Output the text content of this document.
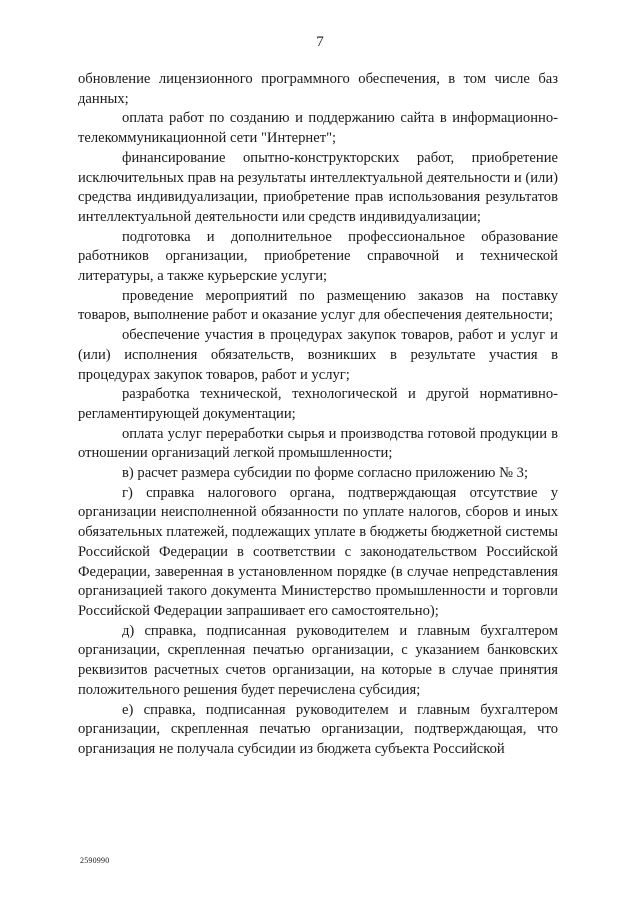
7

обновление лицензионного программного обеспечения, в том числе баз данных;

оплата работ по созданию и поддержанию сайта в информационно-телекоммуникационной сети "Интернет";

финансирование опытно-конструкторских работ, приобретение исключительных прав на результаты интеллектуальной деятельности и (или) средства индивидуализации, приобретение прав использования результатов интеллектуальной деятельности или средств индивидуализации;

подготовка и дополнительное профессиональное образование работников организации, приобретение справочной и технической литературы, а также курьерские услуги;

проведение мероприятий по размещению заказов на поставку товаров, выполнение работ и оказание услуг для обеспечения деятельности;

обеспечение участия в процедурах закупок товаров, работ и услуг и (или) исполнения обязательств, возникших в результате участия в процедурах закупок товаров, работ и услуг;

разработка технической, технологической и другой нормативно-регламентирующей документации;

оплата услуг переработки сырья и производства готовой продукции в отношении организаций легкой промышленности;

в) расчет размера субсидии по форме согласно приложению № 3;

г) справка налогового органа, подтверждающая отсутствие у организации неисполненной обязанности по уплате налогов, сборов и иных обязательных платежей, подлежащих уплате в бюджеты бюджетной системы Российской Федерации в соответствии с законодательством Российской Федерации, заверенная в установленном порядке (в случае непредставления организацией такого документа Министерство промышленности и торговли Российской Федерации запрашивает его самостоятельно);

д) справка, подписанная руководителем и главным бухгалтером организации, скрепленная печатью организации, с указанием банковских реквизитов расчетных счетов организации, на которые в случае принятия положительного решения будет перечислена субсидия;

е) справка, подписанная руководителем и главным бухгалтером организации, скрепленная печатью организации, подтверждающая, что организация не получала субсидии из бюджета субъекта Российской

2590990
